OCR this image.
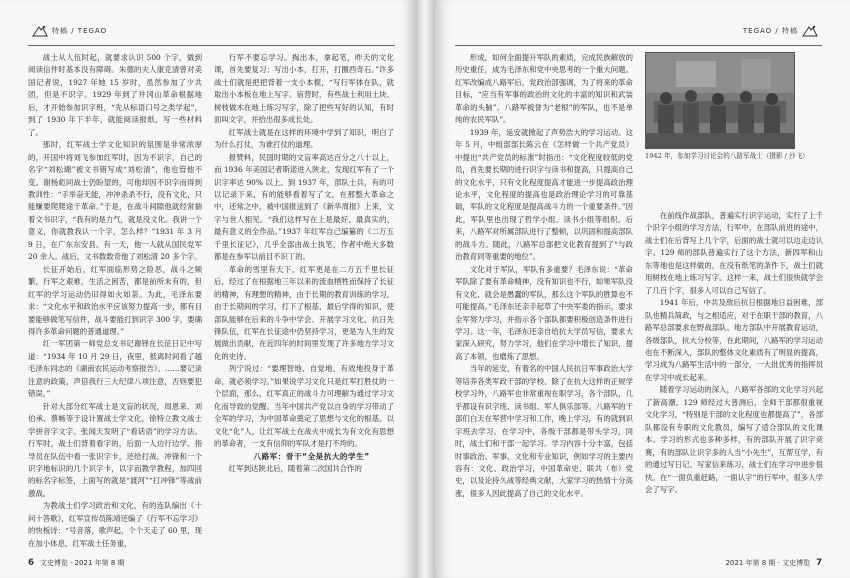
特稿 / TEGAO

战士从人伍时起，就要求认识 500 个字，做到阅读信件时基本没有障碍。朱德的夫人康克清曾对美国记者说，1927 年她 15 岁时，虽然参加了少共团，但是不识字。1929 年到了井冈山革命根据地后，才开始参加识字班，“先从标语口号之类学起”，到了 1930 年下半年，就能阅读报纸，写一些材料了。

那时，红军战士学文化知识的氛围是非常浓厚的，开国中将刘飞参加红军时，因为不识字，自己的名字“刘松瑚”被文书错写成“刘松清”，他也管他不变。谢杨彪同战士仍盼望的，可他却因不识字而得到教训性：“手举奋无能，冲冲杀杀不行，没有文化，只能赚要爬爬途干革命。”于是，在战斗间隙他就经常揣着文书识字，“我有的是力气，就是没文化。我讲一个意义，你就教我认一个字，怎么样？”1931 年 3 月 9 日，在广东东安县。有一天，他一人就从国民党军 20 余人。战后，文书数数奇他了刘松清 20 多个字。

长征开始后，红军面临形势之险恶，战斗之频繁，行军之艰难，生活之困苦，都是前所未有的，但红军的学习运动仍旧得如火如荼。为此，毛泽东要求：“文化水平和政治水平应该努力提高一步，都有目要能够做笔写信件，战斗要能打到识字 300 字，要确得许多革命问题的普通道理。”

红一军团第一师党总支书记谢铎在长征日记中写道：“1934 年 10 月 29 日，夜里，抵离时间看了越毛泽东同志的《湖南农民运动考察报告》。……要记录注意的政策，声倍我行三大纪律八项注意，否则要犯错误。”

针对大部分红军战士是文盲的状况，周恩来、刘伯承、蔡畅等于设计置战士学文化，徐特立教文战士学拼音字文字。张闻天发明了“看话语”的学习方法。行军时，战士们背着看字的，后面一人边行边学。指导员在队伍中看一张识字卡，还给打战，冲锋和一个识字地标识的几个识字卡，以字而教学教程，加四回的标名字标签，上面写的就是“渡河”“打冲锋”等战前激战。

为教战士们学习政治和文化，有的连队编出《十问十答歌》，红军宣传员陈靖还编了《行军不忘学习》的快板诗：“号音落，歌声起，个个天走了 60 里，现在加小体息，红军战士任务重，

行军不要忘学习。掏出本，拿起笔，昨天的文化课，首先要复习；写出小本，打开，打圈西奇石。”许多战士们就是把把背着一支小本棍，“写行军体在队，就取出小本板在地上写字。宿营时，有些战士利用土块、树枝做木在地上练习写字，除了把些写好的认知，有时面叫文字，并拾出很多成长处。

红军战士就是在这样的环境中学到了知识，明白了为什么打仗，为谁打仗的道理。

报赞料，民国时期的文盲率高达百分之八十以上，而 1936 年美国记者斯诺进入陕北，发现红军有了一个识字率达 90% 以上。到 1937 年，部队士兵，有的可以记录下来，有的能够看着写了文，在那整大革命之中，还常之中，被中国报送到了《新华周报》上来，文字与世人相见。“我们这样写在上是最好、最真实的、最有意义的全作品。”1937 年红军自己编纂的《二万五千里长征记》，几乎全部由战士执笔，作者中绝大多数都是在参军以前目不识丁的。

革命的雪里有天下。红军更是在二万五千里长征后，经过了在根据地三年以来的流血牺牲而保持了长征的精神，有理想的精神，由于长期的教育训练的学习。由于长期间的学习，打下了根基，最后学得的知识，使部队能够在后来的斗争中学会、开展学习文化，抗日先锋队伍，红军在长征途中仍坚持学习，更是为人生的发展做出贡献，在近四年的时间里发现了许多地方学习文化的史诗。

列宁说过：“要理智地、自觉地、有效地投身于革命，就必须学习。”如果说学习文化只是红军打胜仗的一个层面，那么，红军真正的战斗力可理解为通过学习文化而导致的觉醒。当年中国共产党以自身的学习带动了全军的学习，为中国革命奠定了思想与文化的根基。以文化“化”人，让红军战士在战火中成长为有文化有思想的革命者，一支有信仰的军队才是打不垮的。

八路军：骨干“全是抗大的学生”

红军到达陕北后，随着第二次国共合作的

6 文史博览 · 2021 年第 8 期
TEGAO / 特稿

形成，如何全面提升军队的素质，完成民族解放的历史重任，成为毛泽东和党中央思考的一个重大问题。红军改编成八路军后，党政治部强调，为了将来的革命目标，“应当有军事的政治的文化的丰富的知识和武装革命的头脑”。八路军被誉为“老根”的军队，也不是单纯的农民军队”。

1939 年，延安就掀起了声势浩大的学习运动。这年 5 月，中组部部长陈云在《怎样做一个共产党员》中提出“共产党员的标准”时指出：“文化程度较低的党员，首先要长期的进行识字与读书和提高，只提高自己的文化水平，只有文化程度提高才能进一步提高政治理论水平，文化程度的提高也是政治理论学习的可靠基础，军队的文化程度是提高战斗力的一个重要条件。”因此，军队里也出现了哲学小组、读书小组等组织。后来，八路军对所属部队进行了整顿，以巩固和提高部队的战斗力。随此，八路军总部把文化教育提到了“与政治教育同等重要的地位”。

文化对于军队，军队有多重要？毛泽东说：“革命军队除了要有革命精神，没有知识也不行，如果军队没有文化，就会是愚蠢的军队，那么这个军队的胜算也不可能提高。”毛泽东还亲手起草了中央军委的指示，要求全军努力学习，并指示各个部队都要积极创造条件进行学习。这一年，毛泽东还亲自给抗大学员写信，要求大家深入研究，努力学习，他们在学习中增长了知识，提高了本领，也磨炼了思想。

当年的延安，有着名的中国人民抗日军事政治大学等培养各类军政干部的学校。除了在抗大这样的正规学校学习外，八路军也非常重视在职学习，各个部队，几乎都设有识字班、读书组、军人俱乐部等。八路军的干部们白天在军营中学习和工作，晚上学习，有的就到识字班去学习。在学习中，各级干部都是带头学习，同时，战士们和干部一起学习。学习内容十分丰富，包括时事政治、军事、文化和专业知识，例如学习的主要内容有：文化、政治学习，中国革命史、联共（布）党史，以及论持久战等经典文献，大家学习的热情十分高涨，很多人因此提高了自己的文化水平。

1942 年，参加学习讨论会的八路军战士（摄影 / 沙飞）

在前线作战部队，普遍实行识字运动，实行了上千个识字小组的学习方法，行军中，在部队前进的途中，战士们在后背写上几个字，后面的战士就可以边走边认字。129 师的部队普遍实行了这个方法，新四军和山东等地也是这样做的，在没有纸笔的条件下，战士们就用树枝在地上练习写字。这样一来，战士们很快就学会了几百个字，很多人可以自己写信了。

1941 年后，中共及敌后抗日根据地日益困难，部队也精兵简政，与之相适应，对于在职干部的教育，八路军总部要求在野战部队、地方部队中开展教育运动，各级部队，抗大分校等，在此期间，八路军的学习运动也在不断深入，部队的整体文化素质有了明显的提高，学习成为八路军生活中的一部分，一大批优秀的指挥员在学习中成长起来。

随着学习运动的深入，八路军各部的文化学习兴起了新高潮。129 师经过大普测后，全师干部都很重视文化学习，“特别是干部的文化程度也都提高了”，各部队都设有专职的文化教员，编写了适合部队的文化课本。学习的形式也多种多样，有的部队开展了识字竞赛，有的部队让识字多的人当“小先生”，互帮互学，有的通过写日记、写家信来练习，战士们在学习中进步很快。在“一面负重赶路，一面认字”的行军中，很多人学会了写字。

2021 年第 8 期 · 文史博览 7
